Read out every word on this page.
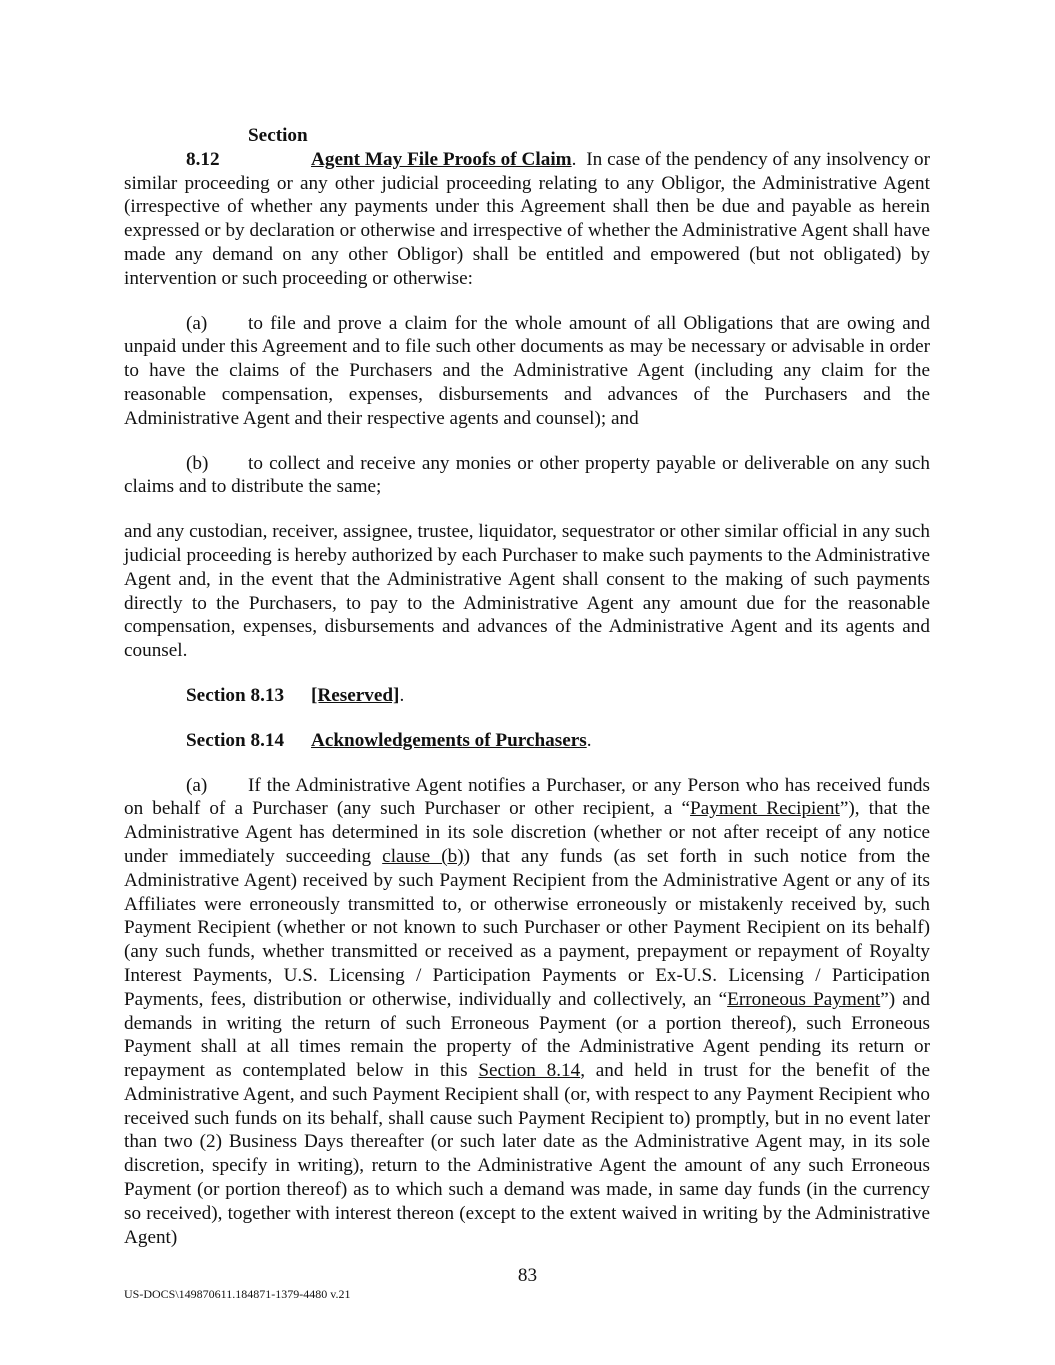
Section 8.12	Agent May File Proofs of Claim.  In case of the pendency of any insolvency or similar proceeding or any other judicial proceeding relating to any Obligor, the Administrative Agent (irrespective of whether any payments under this Agreement shall then be due and payable as herein expressed or by declaration or otherwise and irrespective of whether the Administrative Agent shall have made any demand on any other Obligor) shall be entitled and empowered (but not obligated) by intervention or such proceeding or otherwise:

(a) to file and prove a claim for the whole amount of all Obligations that are owing and unpaid under this Agreement and to file such other documents as may be necessary or advisable in order to have the claims of the Purchasers and the Administrative Agent (including any claim for the reasonable compensation, expenses, disbursements and advances of the Purchasers and the Administrative Agent and their respective agents and counsel); and

(b) to collect and receive any monies or other property payable or deliverable on any such claims and to distribute the same;

and any custodian, receiver, assignee, trustee, liquidator, sequestrator or other similar official in any such judicial proceeding is hereby authorized by each Purchaser to make such payments to the Administrative Agent and, in the event that the Administrative Agent shall consent to the making of such payments directly to the Purchasers, to pay to the Administrative Agent any amount due for the reasonable compensation, expenses, disbursements and advances of the Administrative Agent and its agents and counsel.

Section 8.13 [Reserved].

Section 8.14 Acknowledgements of Purchasers.

(a) If the Administrative Agent notifies a Purchaser, or any Person who has received funds on behalf of a Purchaser (any such Purchaser or other recipient, a “Payment Recipient”), that the Administrative Agent has determined in its sole discretion (whether or not after receipt of any notice under immediately succeeding clause (b)) that any funds (as set forth in such notice from the Administrative Agent) received by such Payment Recipient from the Administrative Agent or any of its Affiliates were erroneously transmitted to, or otherwise erroneously or mistakenly received by, such Payment Recipient (whether or not known to such Purchaser or other Payment Recipient on its behalf) (any such funds, whether transmitted or received as a payment, prepayment or repayment of Royalty Interest Payments, U.S. Licensing / Participation Payments or Ex-U.S. Licensing / Participation Payments, fees, distribution or otherwise, individually and collectively, an “Erroneous Payment”) and demands in writing the return of such Erroneous Payment (or a portion thereof), such Erroneous Payment shall at all times remain the property of the Administrative Agent pending its return or repayment as contemplated below in this Section 8.14, and held in trust for the benefit of the Administrative Agent, and such Payment Recipient shall (or, with respect to any Payment Recipient who received such funds on its behalf, shall cause such Payment Recipient to) promptly, but in no event later than two (2) Business Days thereafter (or such later date as the Administrative Agent may, in its sole discretion, specify in writing), return to the Administrative Agent the amount of any such Erroneous Payment (or portion thereof) as to which such a demand was made, in same day funds (in the currency so received), together with interest thereon (except to the extent waived in writing by the Administrative Agent)

83
US-DOCS\149870611.184871-1379-4480 v.21
